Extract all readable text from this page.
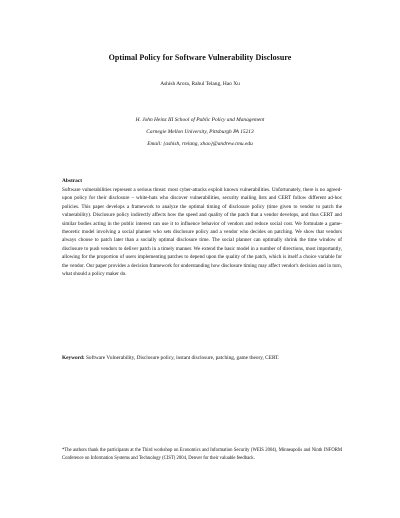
Optimal Policy for Software Vulnerability Disclosure
Ashish Arora, Rahul Telang, Hao Xu
H. John Heinz III School of Public Policy and Management
Carnegie Mellon University, Pittsburgh PA 15213
Email: {ashish, rtelang, xhao}@andrew.cmu.edu
Abstract
Software vulnerabilities represent a serious threat: most cyber-attacks exploit known vulnerabilities. Unfortunately, there is no agreed-upon policy for their disclosure – white-hats who discover vulnerabilities, security mailing lists and CERT follow different ad-hoc policies. This paper develops a framework to analyze the optimal timing of disclosure policy (time given to vendor to patch the vulnerability). Disclosure policy indirectly affects how the speed and quality of the patch that a vendor develops, and thus CERT and similar bodies acting in the public interest can use it to influence behavior of vendors and reduce social cost. We formulate a game-theoretic model involving a social planner who sets disclosure policy and a vendor who decides on patching. We show that vendors always choose to patch later than a socially optimal disclosure time. The social planner can optimally shrink the time window of disclosure to push vendors to deliver patch in a timely manner. We extend the basic model in a number of directions, most importantly, allowing for the proportion of users implementing patches to depend upon the quality of the patch, which is itself a choice variable for the vendor. Our paper provides a decision framework for understanding how disclosure timing may affect vendor's decision and in turn, what should a policy maker do.
Keyword: Software Vulnerability, Disclosure policy, instant disclosure, patching, game theory, CERT.
*The authors thank the participants at the Third workshop on Economics and Information Security (WEIS 2004), Minneapolis and Ninth INFORM Conference on Information Systems and Technology (CIST) 2004, Denver for their valuable feedback.
